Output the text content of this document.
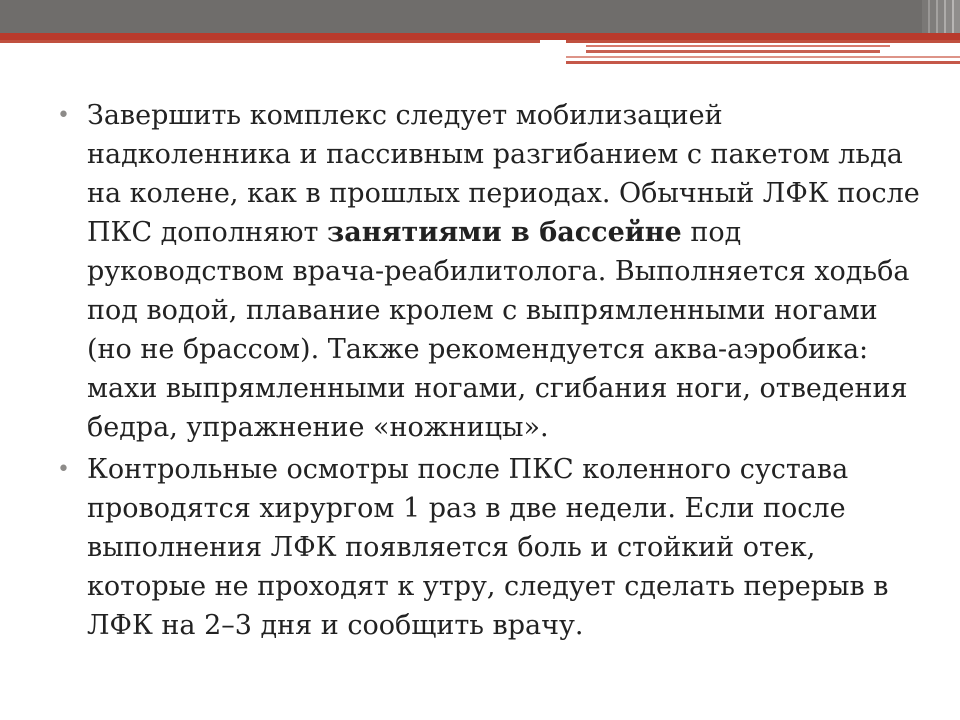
• Завершить комплекс следует мобилизацией надколенника и пассивным разгибанием с пакетом льда на колене, как в прошлых периодах. Обычный ЛФК после ПКС дополняют занятиями в бассейне под руководством врача-реабилитолога. Выполняется ходьба под водой, плавание кролем с выпрямленными ногами (но не брассом). Также рекомендуется аква-аэробика: махи выпрямленными ногами, сгибания ноги, отведения бедра, упражнение «ножницы».

• Контрольные осмотры после ПКС коленного сустава проводятся хирургом 1 раз в две недели. Если после выполнения ЛФК появляется боль и стойкий отек, которые не проходят к утру, следует сделать перерыв в ЛФК на 2–3 дня и сообщить врачу.
